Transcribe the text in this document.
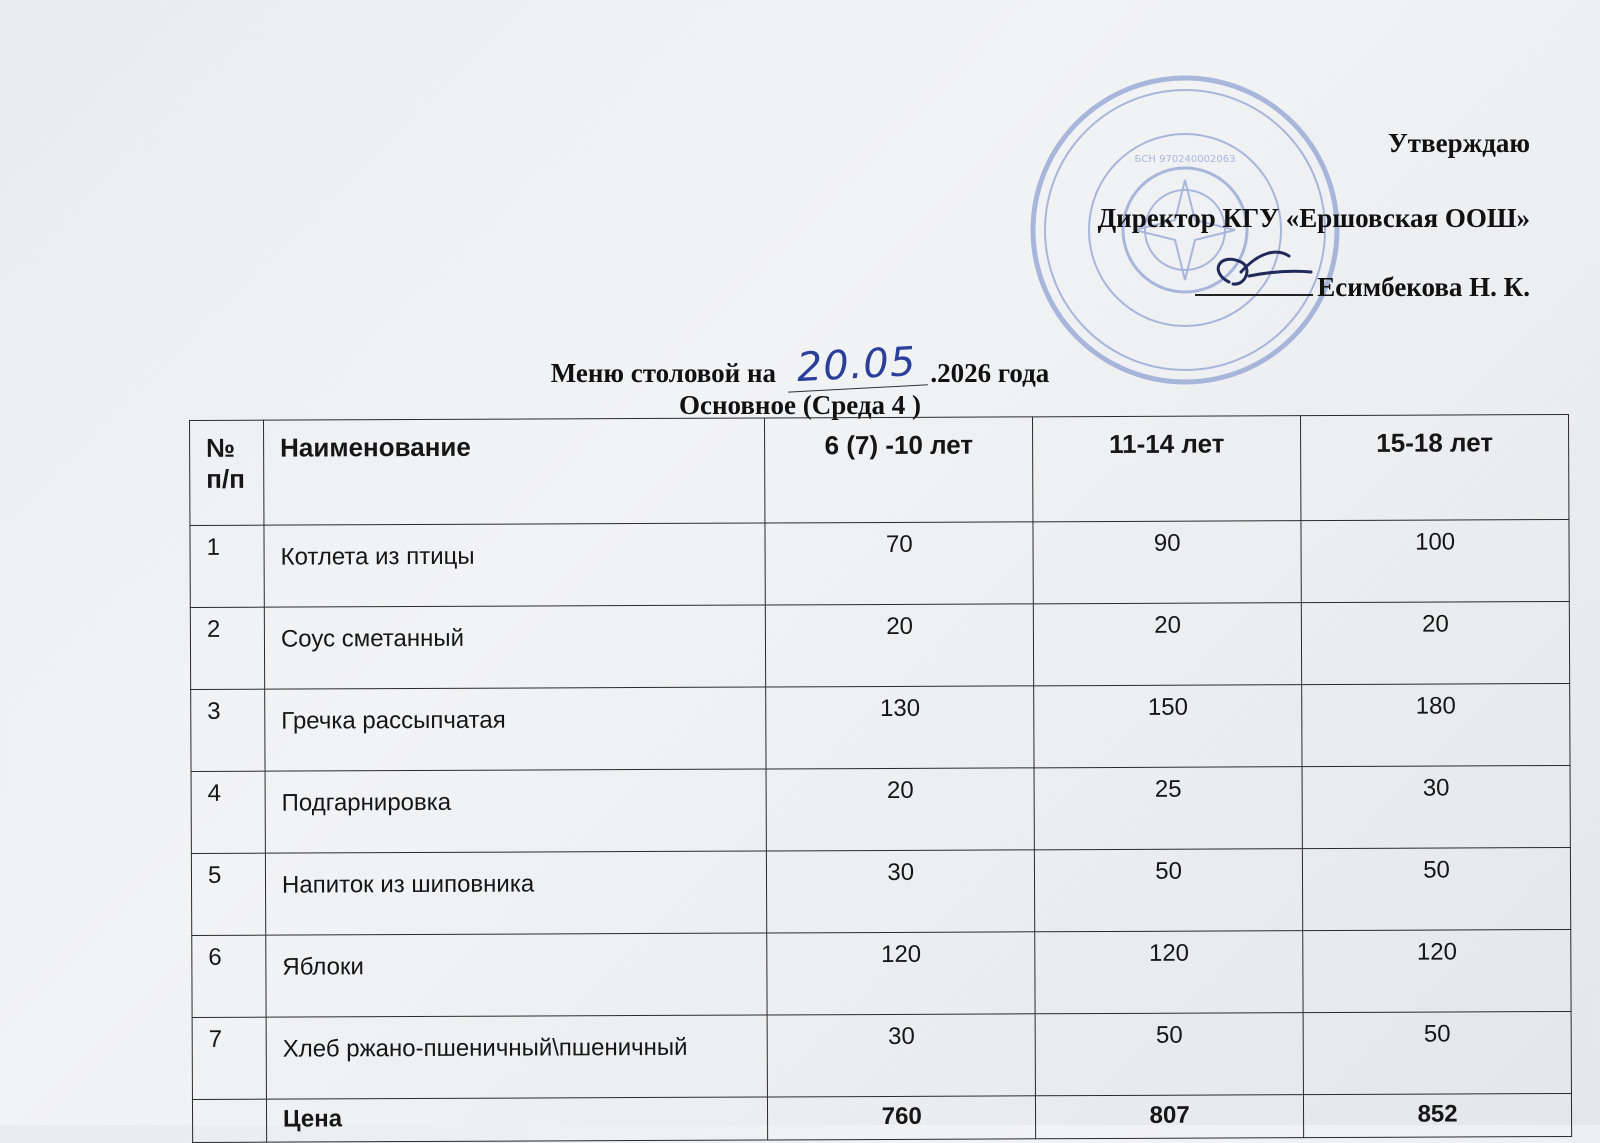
БСН 970240002063
Утверждаю
Директор КГУ «Ершовская ООШ»
Есимбекова Н. К.
Меню столовой на 20.05 .2026 года
Основное (Среда 4 )
№ п/п	Наименование	6 (7) -10 лет	11-14 лет	15-18 лет
1	Котлета из птицы	70	90	100
2	Соус сметанный	20	20	20
3	Гречка рассыпчатая	130	150	180
4	Подгарнировка	20	25	30
5	Напиток из шиповника	30	50	50
6	Яблоки	120	120	120
7	Хлеб ржано-пшеничный\пшеничный	30	50	50
	Цена	760	807	852
